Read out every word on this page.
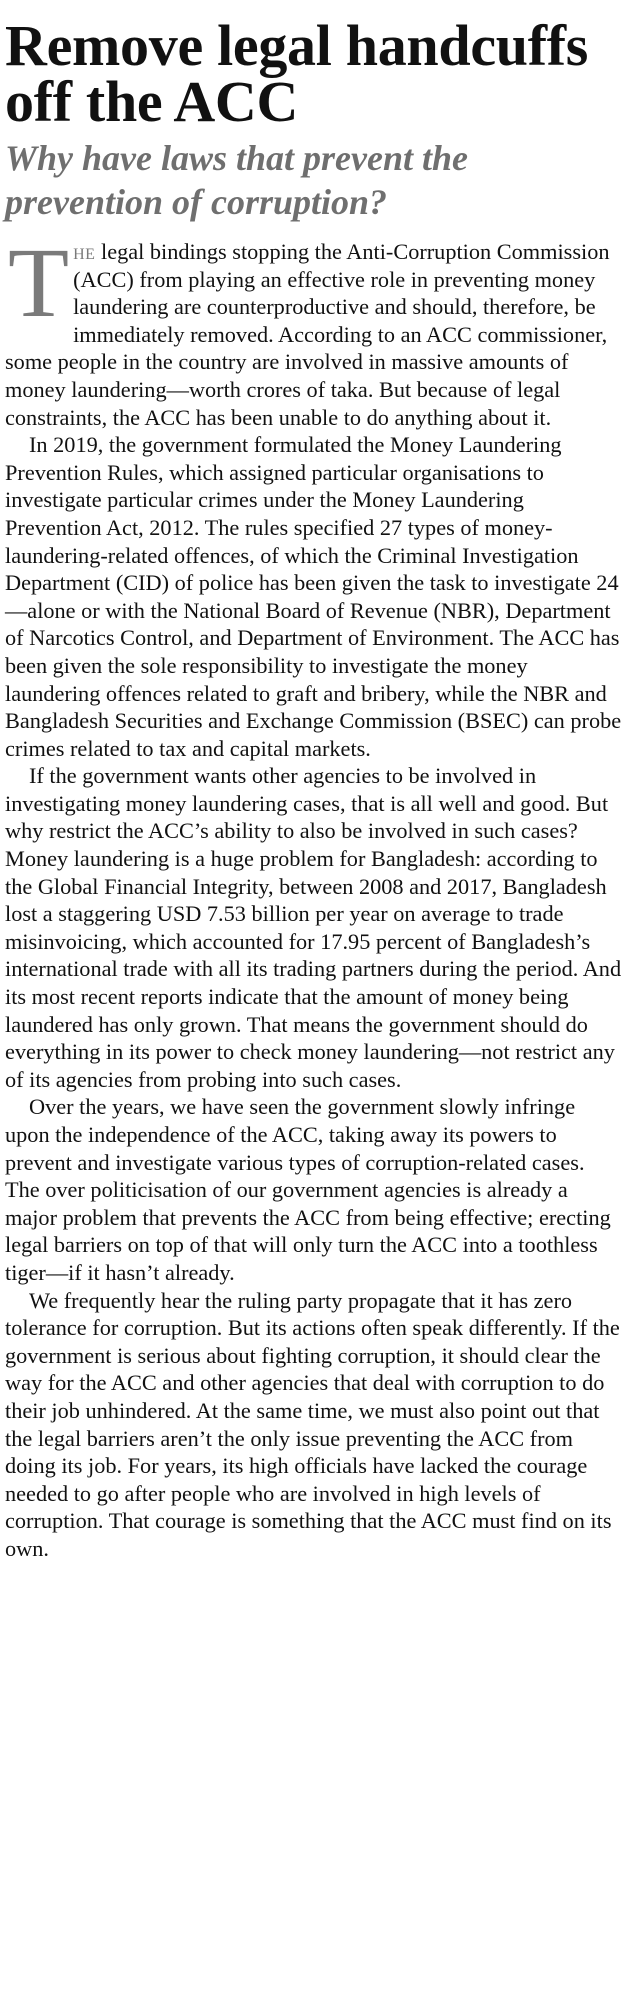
Remove legal handcuffs off the ACC
Why have laws that prevent the prevention of corruption?

The legal bindings stopping the Anti-Corruption Commission (ACC) from playing an effective role in preventing money laundering are counterproductive and should, therefore, be immediately removed. According to an ACC commissioner, some people in the country are involved in massive amounts of money laundering—worth crores of taka. But because of legal constraints, the ACC has been unable to do anything about it.

In 2019, the government formulated the Money Laundering Prevention Rules, which assigned particular organisations to investigate particular crimes under the Money Laundering Prevention Act, 2012. The rules specified 27 types of money-laundering-related offences, of which the Criminal Investigation Department (CID) of police has been given the task to investigate 24—alone or with the National Board of Revenue (NBR), Department of Narcotics Control, and Department of Environment. The ACC has been given the sole responsibility to investigate the money laundering offences related to graft and bribery, while the NBR and Bangladesh Securities and Exchange Commission (BSEC) can probe crimes related to tax and capital markets.

If the government wants other agencies to be involved in investigating money laundering cases, that is all well and good. But why restrict the ACC’s ability to also be involved in such cases? Money laundering is a huge problem for Bangladesh: according to the Global Financial Integrity, between 2008 and 2017, Bangladesh lost a staggering USD 7.53 billion per year on average to trade misinvoicing, which accounted for 17.95 percent of Bangladesh’s international trade with all its trading partners during the period. And its most recent reports indicate that the amount of money being laundered has only grown. That means the government should do everything in its power to check money laundering—not restrict any of its agencies from probing into such cases.

Over the years, we have seen the government slowly infringe upon the independence of the ACC, taking away its powers to prevent and investigate various types of corruption-related cases. The over politicisation of our government agencies is already a major problem that prevents the ACC from being effective; erecting legal barriers on top of that will only turn the ACC into a toothless tiger—if it hasn’t already.

We frequently hear the ruling party propagate that it has zero tolerance for corruption. But its actions often speak differently. If the government is serious about fighting corruption, it should clear the way for the ACC and other agencies that deal with corruption to do their job unhindered. At the same time, we must also point out that the legal barriers aren’t the only issue preventing the ACC from doing its job. For years, its high officials have lacked the courage needed to go after people who are involved in high levels of corruption. That courage is something that the ACC must find on its own.
